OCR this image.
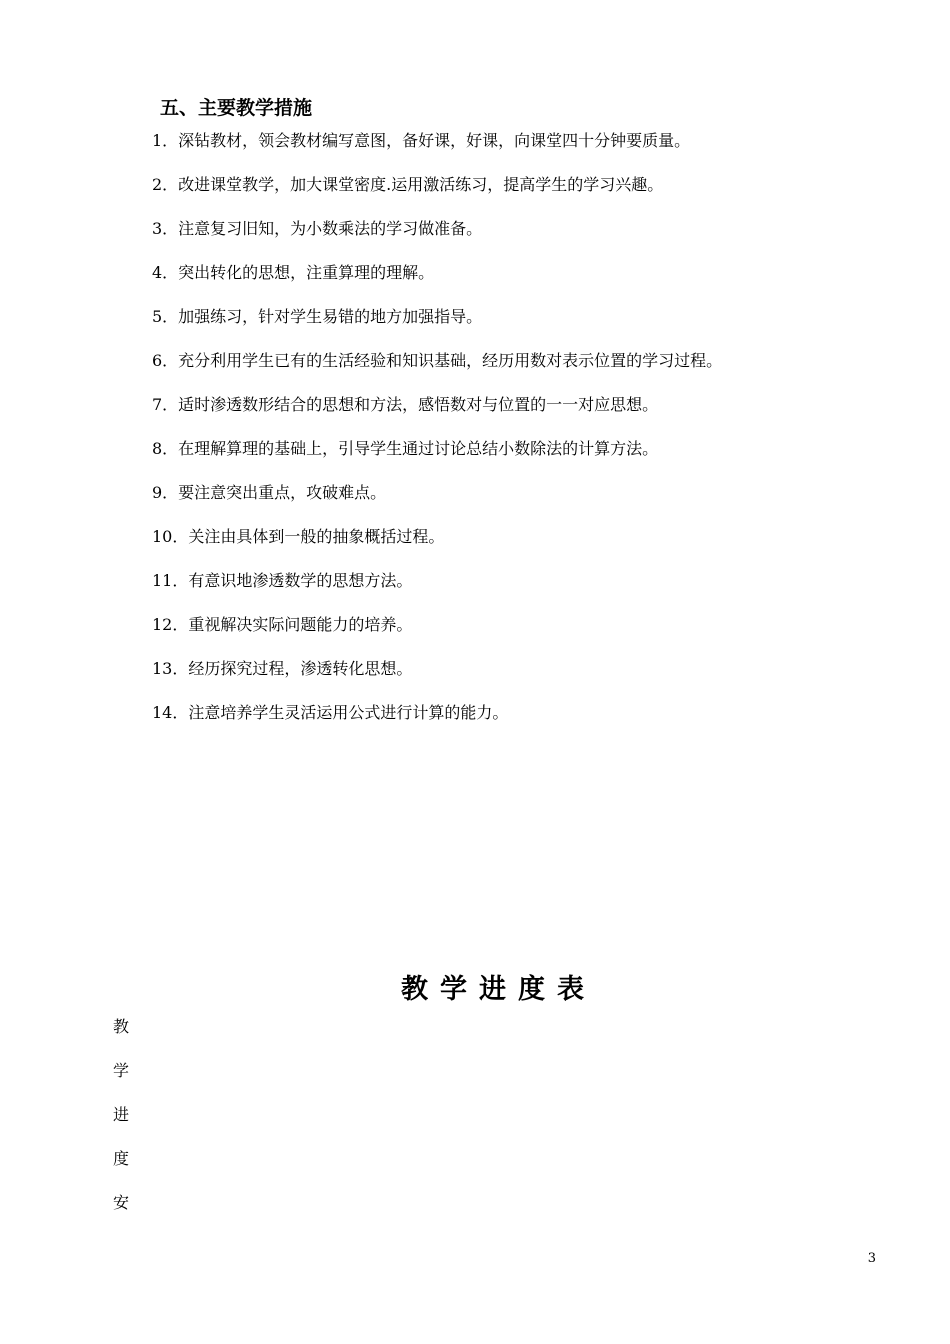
五、主要教学措施
1．深钻教材，领会教材编写意图，备好课，好课，向课堂四十分钟要质量。
2．改进课堂教学，加大课堂密度.运用激活练习，提高学生的学习兴趣。
3．注意复习旧知，为小数乘法的学习做准备。
4．突出转化的思想，注重算理的理解。
5．加强练习，针对学生易错的地方加强指导。
6．充分利用学生已有的生活经验和知识基础，经历用数对表示位置的学习过程。
7．适时渗透数形结合的思想和方法，感悟数对与位置的一一对应思想。
8．在理解算理的基础上，引导学生通过讨论总结小数除法的计算方法。
9．要注意突出重点，攻破难点。
10．关注由具体到一般的抽象概括过程。
11．有意识地渗透数学的思想方法。
12．重视解决实际问题能力的培养。
13．经历探究过程，渗透转化思想。
14．注意培养学生灵活运用公式进行计算的能力。
教学进度表
教
学
进
度
安
3
